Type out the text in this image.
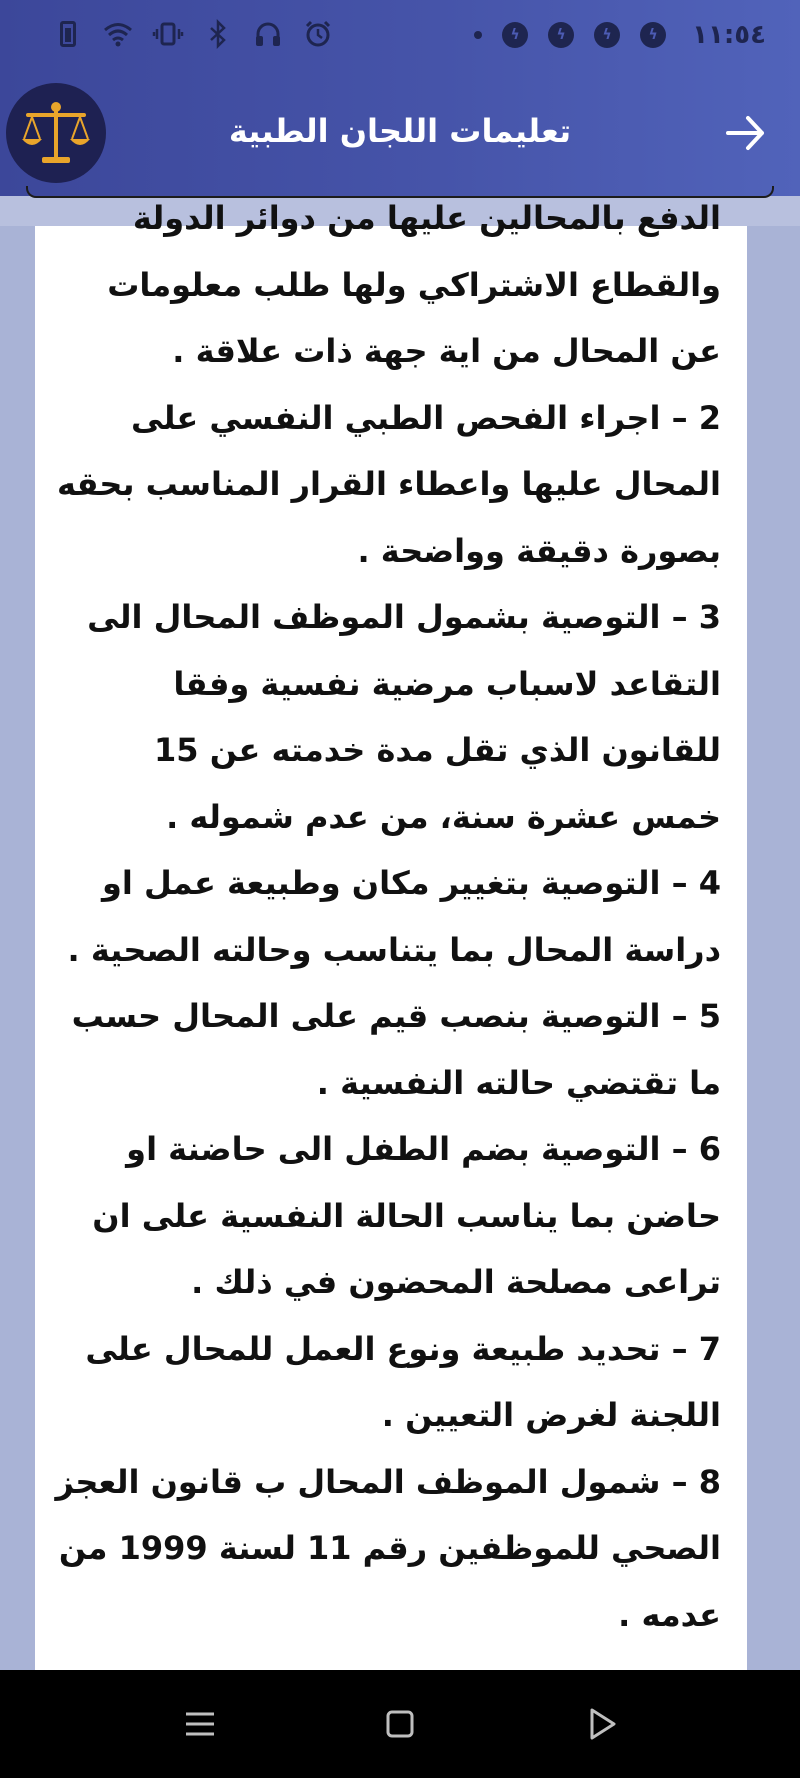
ϟ	ϟ	ϟ	ϟ	١١:٥٤
تعليمات اللجان الطبية

الدفع بالمحالين عليها من دوائر الدولة والقطاع الاشتراكي ولها طلب معلومات عن المحال من اية جهة ذات علاقة .

2 – اجراء الفحص الطبي النفسي على المحال عليها واعطاء القرار المناسب بحقه بصورة دقيقة وواضحة .

3 – التوصية بشمول الموظف المحال الى التقاعد لاسباب مرضية نفسية وفقا للقانون الذي تقل مدة خدمته عن 15 خمس عشرة سنة، من عدم شموله .

4 – التوصية بتغيير مكان وطبيعة عمل او دراسة المحال بما يتناسب وحالته الصحية .

5 – التوصية بنصب قيم على المحال حسب ما تقتضي حالته النفسية .

6 – التوصية بضم الطفل الى حاضنة او حاضن بما يناسب الحالة النفسية على ان تراعى مصلحة المحضون في ذلك .

7 – تحديد طبيعة ونوع العمل للمحال على اللجنة لغرض التعيين .

8 – شمول الموظف المحال ب قانون العجز الصحي للموظفين رقم 11 لسنة 1999 من عدمه .
